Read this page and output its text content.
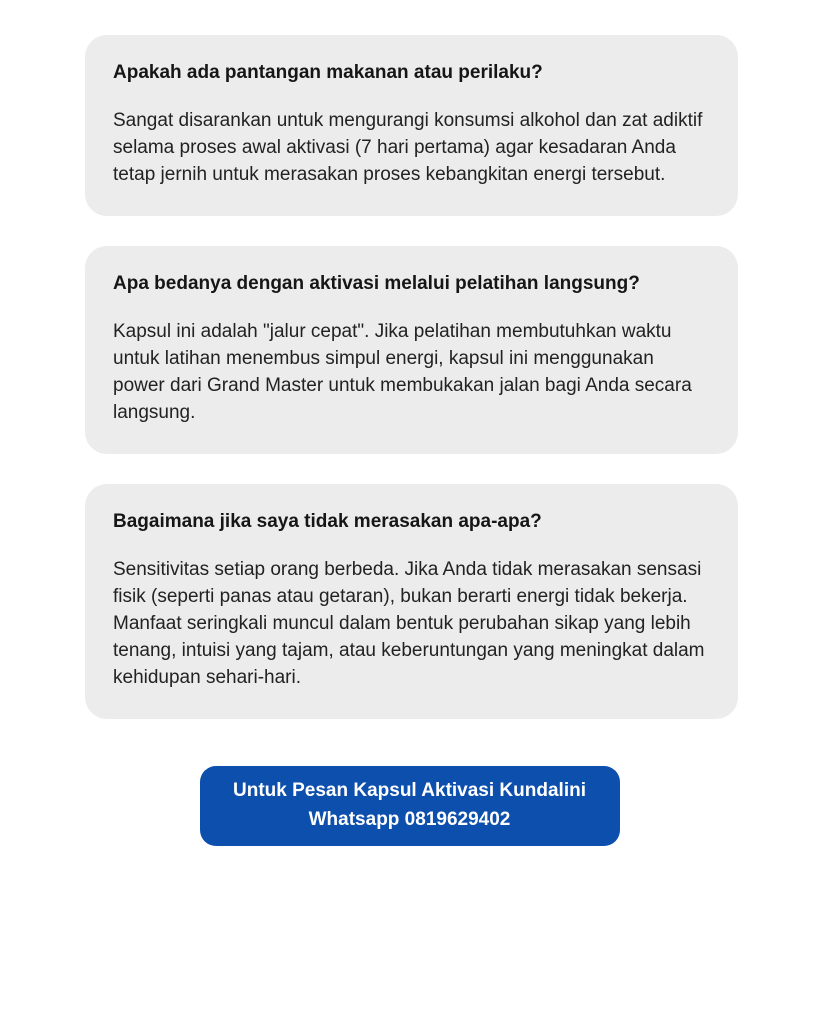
Apakah ada pantangan makanan atau perilaku?

Sangat disarankan untuk mengurangi konsumsi alkohol dan zat adiktif selama proses awal aktivasi (7 hari pertama) agar kesadaran Anda tetap jernih untuk merasakan proses kebangkitan energi tersebut.

Apa bedanya dengan aktivasi melalui pelatihan langsung?

Kapsul ini adalah "jalur cepat". Jika pelatihan membutuhkan waktu untuk latihan menembus simpul energi, kapsul ini menggunakan power dari Grand Master untuk membukakan jalan bagi Anda secara langsung.

Bagaimana jika saya tidak merasakan apa-apa?

Sensitivitas setiap orang berbeda. Jika Anda tidak merasakan sensasi fisik (seperti panas atau getaran), bukan berarti energi tidak bekerja. Manfaat seringkali muncul dalam bentuk perubahan sikap yang lebih tenang, intuisi yang tajam, atau keberuntungan yang meningkat dalam kehidupan sehari-hari.

Untuk Pesan Kapsul Aktivasi Kundalini
Whatsapp 0819629402
